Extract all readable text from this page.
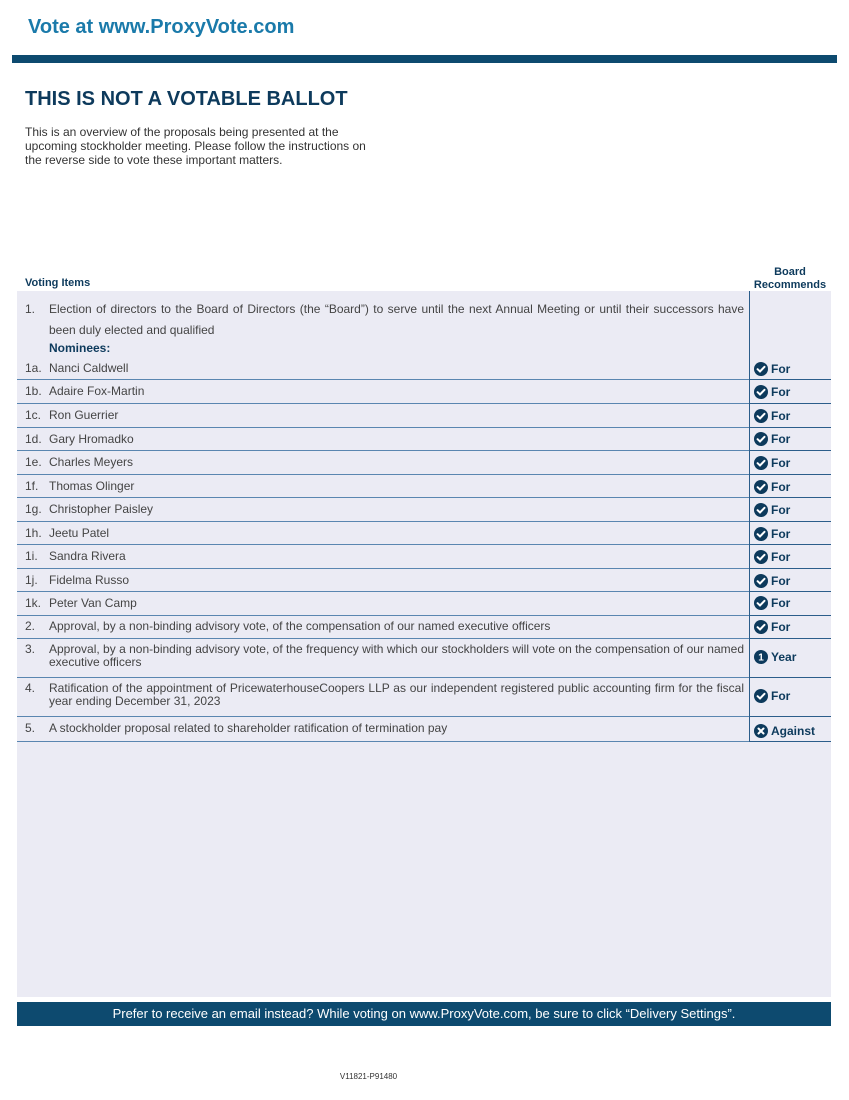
Vote at www.ProxyVote.com
THIS IS NOT A VOTABLE BALLOT
This is an overview of the proposals being presented at the
upcoming stockholder meeting. Please follow the instructions on
the reverse side to vote these important matters.
Voting Items
Board
Recommends
1. Election of directors to the Board of Directors (the “Board”) to serve until the next Annual Meeting or until their successors have been duly elected and qualified
Nominees:
Prefer to receive an email instead? While voting on www.ProxyVote.com, be sure to click “Delivery Settings”.
V11821-P91480
1a. Nanci Caldwell	For
1b. Adaire Fox-Martin	For
1c. Ron Guerrier	For
1d. Gary Hromadko	For
1e. Charles Meyers	For
1f. Thomas Olinger	For
1g. Christopher Paisley	For
1h. Jeetu Patel	For
1i. Sandra Rivera	For
1j. Fidelma Russo	For
1k. Peter Van Camp	For
2. Approval, by a non-binding advisory vote, of the compensation of our named executive officers	For
3. Approval, by a non-binding advisory vote, of the frequency with which our stockholders will vote on the compensation of our named executive officers	1 Year
4. Ratification of the appointment of PricewaterhouseCoopers LLP as our independent registered public accounting firm for the fiscal year ending December 31, 2023	For
5. A stockholder proposal related to shareholder ratification of termination pay	Against
